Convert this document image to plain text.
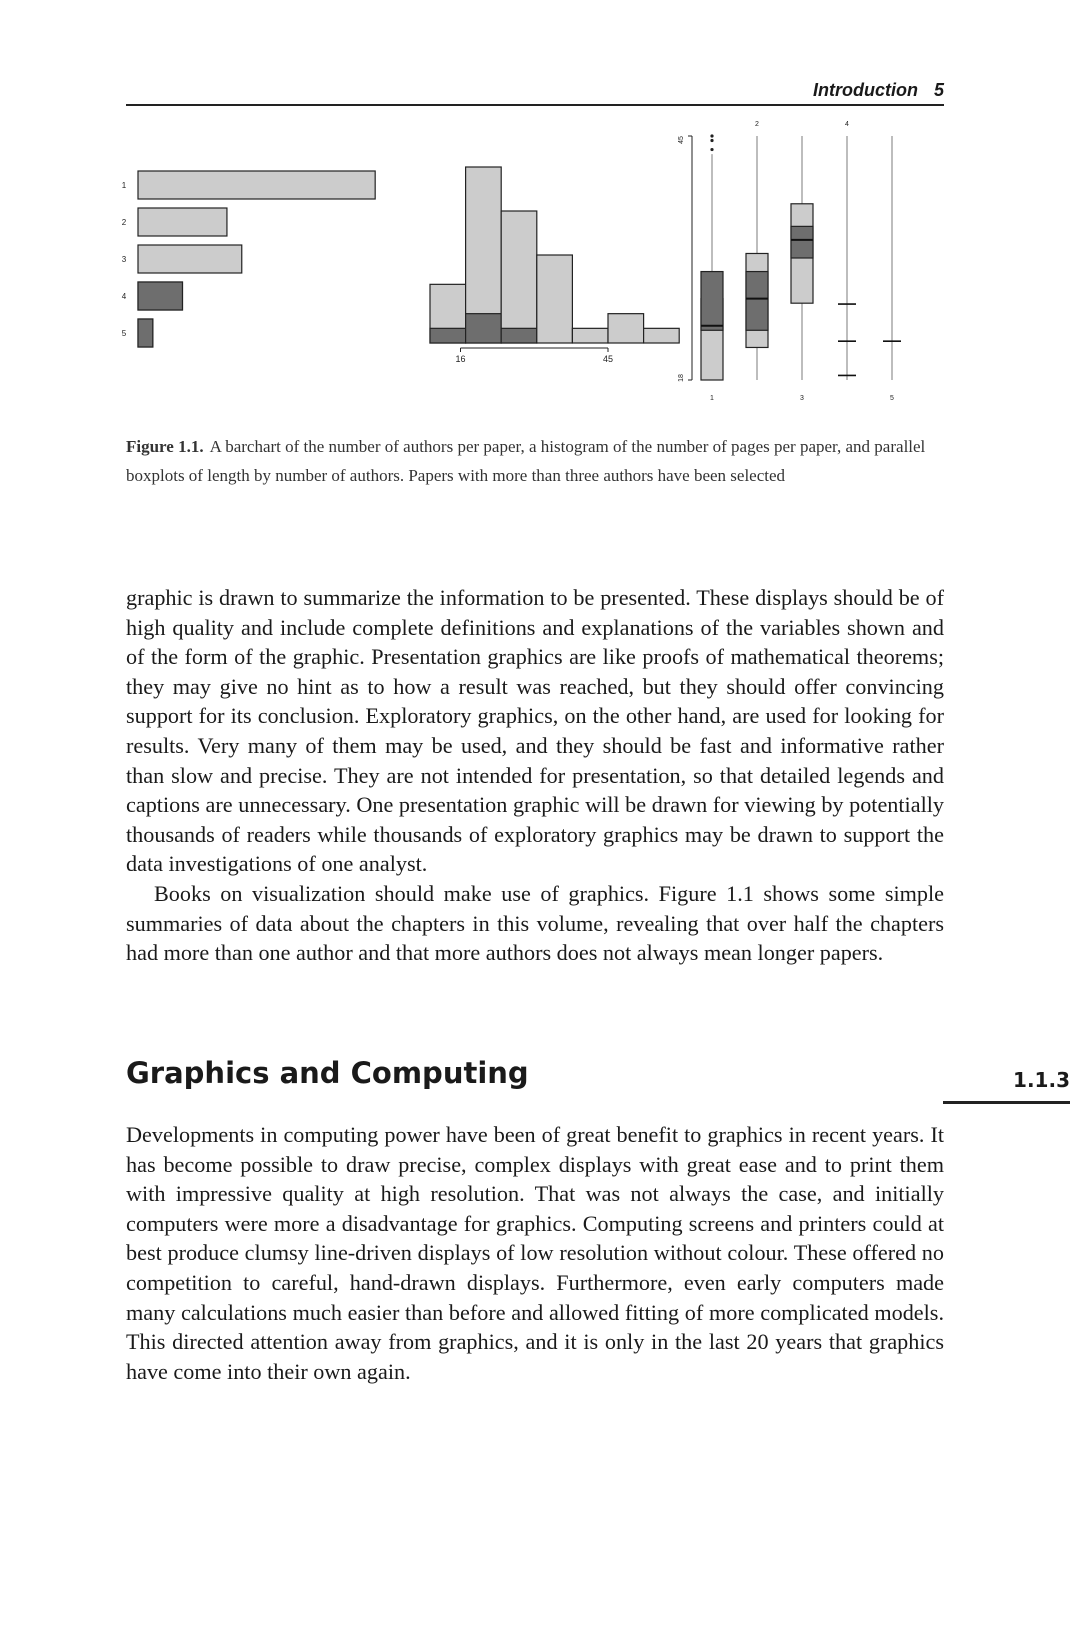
Introduction 5
1
2
3
4
5
16	45
45
18
1
2
3
4
5
Figure 1.1. A barchart of the number of authors per paper, a histogram of the number of pages per paper, and parallel boxplots of length by number of authors. Papers with more than three authors have been selected

graphic is drawn to summarize the information to be presented. These displays should be of high quality and include complete definitions and explanations of the variables shown and of the form of the graphic. Presentation graphics are like proofs of mathematical theorems; they may give no hint as to how a result was reached, but they should offer convincing support for its conclusion. Exploratory graphics, on the other hand, are used for looking for results. Very many of them may be used, and they should be fast and informative rather than slow and precise. They are not intended for presentation, so that detailed legends and captions are unnecessary. One presentation graphic will be drawn for viewing by potentially thousands of readers while thousands of exploratory graphics may be drawn to support the data investigations of one analyst.

Books on visualization should make use of graphics. Figure 1.1 shows some simple summaries of data about the chapters in this volume, revealing that over half the chapters had more than one author and that more authors does not always mean longer papers.

Graphics and Computing	1.1.3

Developments in computing power have been of great benefit to graphics in recent years. It has become possible to draw precise, complex displays with great ease and to print them with impressive quality at high resolution. That was not always the case, and initially computers were more a disadvantage for graphics. Computing screens and printers could at best produce clumsy line-driven displays of low resolution without colour. These offered no competition to careful, hand-drawn displays. Furthermore, even early computers made many calculations much easier than before and allowed fitting of more complicated models. This directed attention away from graphics, and it is only in the last 20 years that graphics have come into their own again.
